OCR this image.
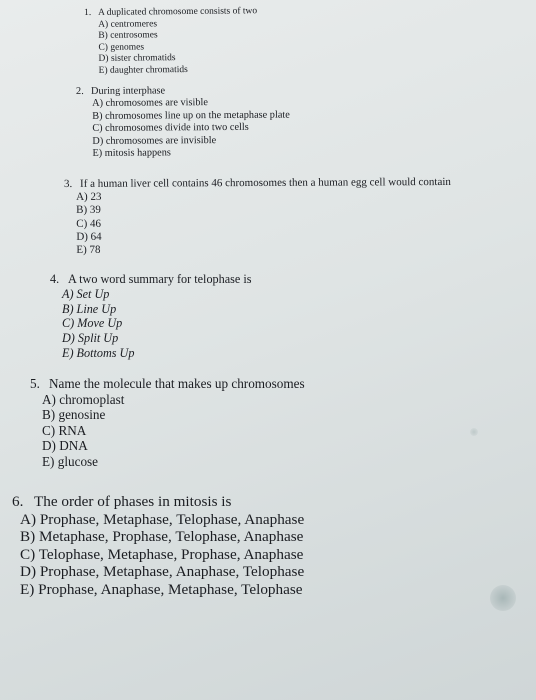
1. A duplicated chromosome consists of two
A) centromeres
B) centrosomes
C) genomes
D) sister chromatids
E) daughter chromatids
2. During interphase
A) chromosomes are visible
B) chromosomes line up on the metaphase plate
C) chromosomes divide into two cells
D) chromosomes are invisible
E) mitosis happens
3. If a human liver cell contains 46 chromosomes then a human egg cell would contain
A) 23
B) 39
C) 46
D) 64
E) 78
4. A two word summary for telophase is
A) Set Up
B) Line Up
C) Move Up
D) Split Up
E) Bottoms Up
5. Name the molecule that makes up chromosomes
A) chromoplast
B) genosine
C) RNA
D) DNA
E) glucose
6. The order of phases in mitosis is
A) Prophase, Metaphase, Telophase, Anaphase
B) Metaphase, Prophase, Telophase, Anaphase
C) Telophase, Metaphase, Prophase, Anaphase
D) Prophase, Metaphase, Anaphase, Telophase
E) Prophase, Anaphase, Metaphase, Telophase
